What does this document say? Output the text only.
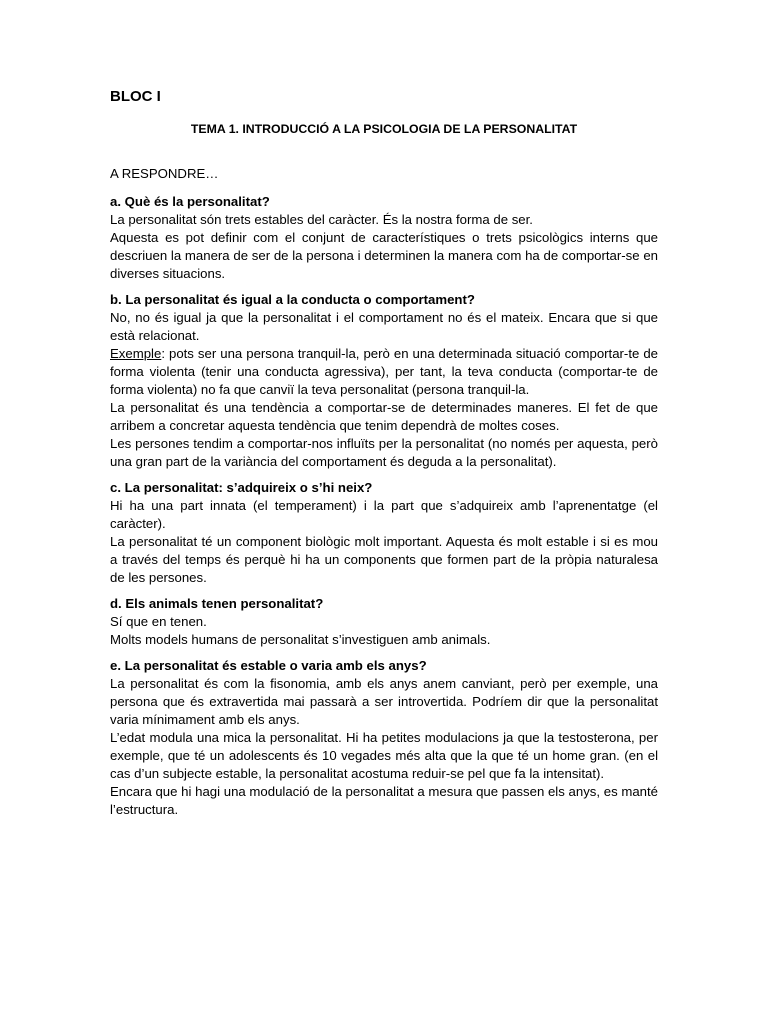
BLOC I
TEMA 1. INTRODUCCIÓ A LA PSICOLOGIA DE LA PERSONALITAT
A RESPONDRE…
a. Què és la personalitat?
La personalitat són trets estables del caràcter. És la nostra forma de ser.
Aquesta es pot definir com el conjunt de característiques o trets psicològics interns que descriuen la manera de ser de la persona i determinen la manera com ha de comportar-se en diverses situacions.
b. La personalitat és igual a la conducta o comportament?
No, no és igual ja que la personalitat i el comportament no és el mateix. Encara que si que està relacionat.
Exemple: pots ser una persona tranquil-la, però en una determinada situació comportar-te de forma violenta (tenir una conducta agressiva), per tant, la teva conducta (comportar-te de forma violenta) no fa que canviï la teva personalitat (persona tranquil-la.
La personalitat és una tendència a comportar-se de determinades maneres. El fet de que arribem a concretar aquesta tendència que tenim dependrà de moltes coses.
Les persones tendim a comportar-nos influïts per la personalitat (no només per aquesta, però una gran part de la variància del comportament és deguda a la personalitat).
c. La personalitat: s’adquireix o s’hi neix?
Hi ha una part innata (el temperament) i la part que s’adquireix amb l’aprenentatge (el caràcter).
La personalitat té un component biològic molt important. Aquesta és molt estable i si es mou a través del temps és perquè hi ha un components que formen part de la pròpia naturalesa de les persones.
d. Els animals tenen personalitat?
Sí que en tenen.
Molts models humans de personalitat s’investiguen amb animals.
e. La personalitat és estable o varia amb els anys?
La personalitat és com la fisonomia, amb els anys anem canviant, però per exemple, una persona que és extravertida mai passarà a ser introvertida. Podríem dir que la personalitat varia mínimament amb els anys.
L’edat modula una mica la personalitat. Hi ha petites modulacions ja que la testosterona, per exemple, que té un adolescents és 10 vegades més alta que la que té un home gran. (en el cas d’un subjecte estable, la personalitat acostuma reduir-se pel que fa la intensitat).
Encara que hi hagi una modulació de la personalitat a mesura que passen els anys, es manté l’estructura.
